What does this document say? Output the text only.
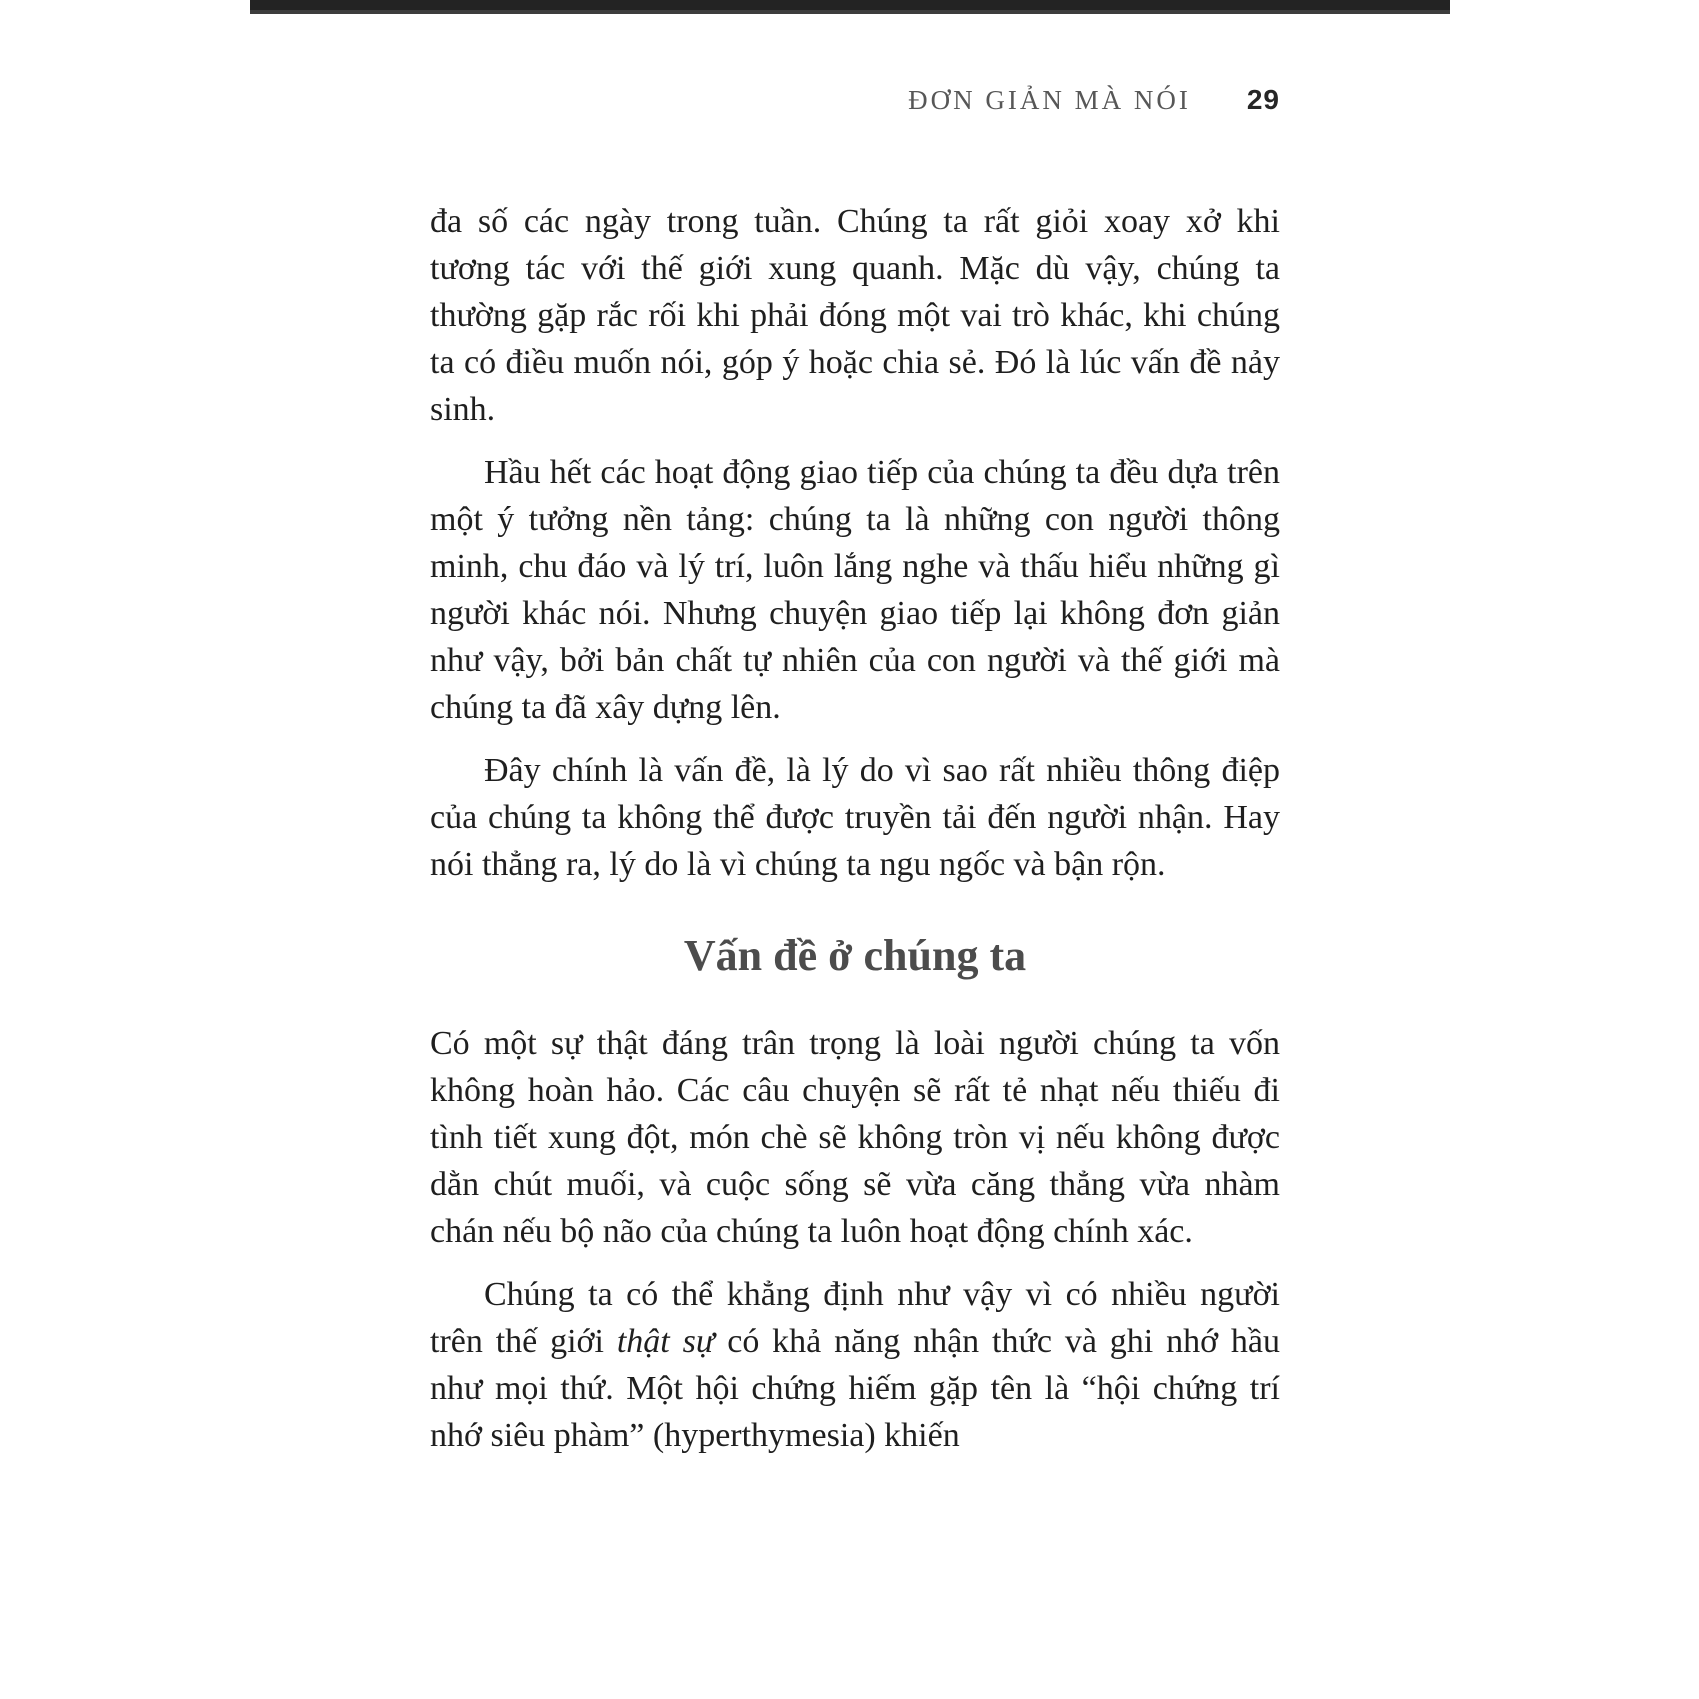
ĐƠN GIẢN MÀ NÓI 29

đa số các ngày trong tuần. Chúng ta rất giỏi xoay xở khi tương tác với thế giới xung quanh. Mặc dù vậy, chúng ta thường gặp rắc rối khi phải đóng một vai trò khác, khi chúng ta có điều muốn nói, góp ý hoặc chia sẻ. Đó là lúc vấn đề nảy sinh.

Hầu hết các hoạt động giao tiếp của chúng ta đều dựa trên một ý tưởng nền tảng: chúng ta là những con người thông minh, chu đáo và lý trí, luôn lắng nghe và thấu hiểu những gì người khác nói. Nhưng chuyện giao tiếp lại không đơn giản như vậy, bởi bản chất tự nhiên của con người và thế giới mà chúng ta đã xây dựng lên.

Đây chính là vấn đề, là lý do vì sao rất nhiều thông điệp của chúng ta không thể được truyền tải đến người nhận. Hay nói thẳng ra, lý do là vì chúng ta ngu ngốc và bận rộn.

Vấn đề ở chúng ta

Có một sự thật đáng trân trọng là loài người chúng ta vốn không hoàn hảo. Các câu chuyện sẽ rất tẻ nhạt nếu thiếu đi tình tiết xung đột, món chè sẽ không tròn vị nếu không được dằn chút muối, và cuộc sống sẽ vừa căng thẳng vừa nhàm chán nếu bộ não của chúng ta luôn hoạt động chính xác.

Chúng ta có thể khẳng định như vậy vì có nhiều người trên thế giới thật sự có khả năng nhận thức và ghi nhớ hầu như mọi thứ. Một hội chứng hiếm gặp tên là “hội chứng trí nhớ siêu phàm” (hyperthymesia) khiến
